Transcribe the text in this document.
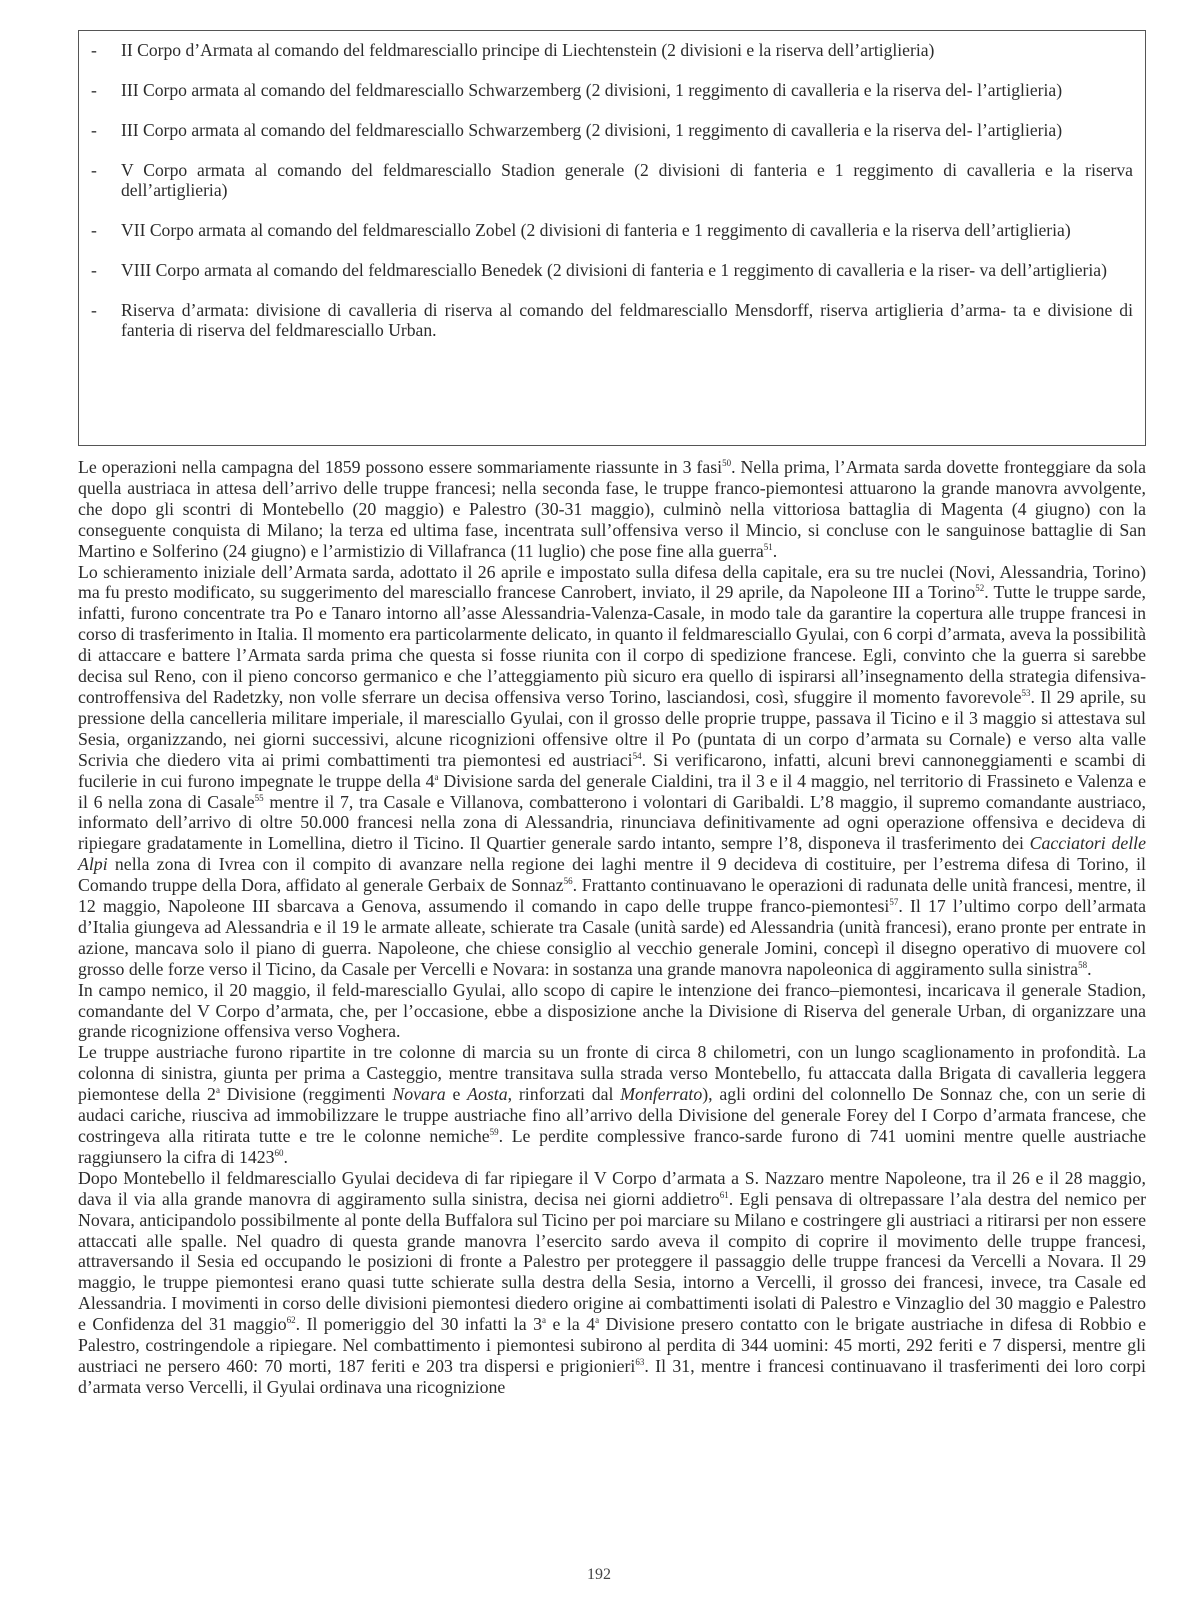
- II Corpo d’Armata al comando del feldmaresciallo principe di Liechtenstein (2 divisioni e la riserva dell’artiglieria)
- III Corpo armata al comando del feldmaresciallo Schwarzemberg (2 divisioni, 1 reggimento di cavalleria e la riserva del- l’artiglieria)
- III Corpo armata al comando del feldmaresciallo Schwarzemberg (2 divisioni, 1 reggimento di cavalleria e la riserva del- l’artiglieria)
- V Corpo armata al comando del feldmaresciallo Stadion generale (2 divisioni di fanteria e 1 reggimento di cavalleria e la riserva dell’artiglieria)
- VII Corpo armata al comando del feldmaresciallo Zobel (2 divisioni di fanteria e 1 reggimento di cavalleria e la riserva dell’artiglieria)
- VIII Corpo armata al comando del feldmaresciallo Benedek (2 divisioni di fanteria e 1 reggimento di cavalleria e la riser- va dell’artiglieria)
- Riserva d’armata: divisione di cavalleria di riserva al comando del feldmaresciallo Mensdorff, riserva artiglieria d’arma- ta e divisione di fanteria di riserva del feldmaresciallo Urban.

Le operazioni nella campagna del 1859 possono essere sommariamente riassunte in 3 fasi$^{50}$. Nella prima, l’Armata sarda dovette fronteggiare da sola quella austriaca in attesa dell’arrivo delle truppe francesi; nella seconda fase, le truppe franco-piemontesi attuarono la grande manovra avvolgente, che dopo gli scontri di Montebello (20 maggio) e Palestro (30-31 maggio), culminò nella vittoriosa battaglia di Magenta (4 giugno) con la conseguente conquista di Milano; la terza ed ultima fase, incentrata sull’offensiva verso il Mincio, si concluse con le sanguinose battaglie di San Martino e Solferino (24 giugno) e l’armistizio di Villafranca (11 luglio) che pose fine alla guerra$^{51}$.

Lo schieramento iniziale dell’Armata sarda, adottato il 26 aprile e impostato sulla difesa della capitale, era su tre nuclei (Novi, Alessandria, Torino) ma fu presto modificato, su suggerimento del maresciallo francese Canrobert, inviato, il 29 aprile, da Napoleone III a Torino$^{52}$. Tutte le truppe sarde, infatti, furono concentrate tra Po e Tanaro intorno all’asse Alessandria-Valenza-Casale, in modo tale da garantire la copertura alle truppe francesi in corso di trasferimento in Italia. Il momento era particolarmente delicato, in quanto il feldmaresciallo Gyulai, con 6 corpi d’armata, aveva la possibilità di attaccare e battere l’Armata sarda prima che questa si fosse riunita con il corpo di spedizione francese. Egli, convinto che la guerra si sarebbe decisa sul Reno, con il pieno concorso germanico e che l’atteggiamento più sicuro era quello di ispirarsi all’insegnamento della strategia difensiva-controffensiva del Radetzky, non volle sferrare un decisa offensiva verso Torino, lasciandosi, così, sfuggire il momento favorevole$^{53}$. Il 29 aprile, su pressione della cancelleria militare imperiale, il maresciallo Gyulai, con il grosso delle proprie truppe, passava il Ticino e il 3 maggio si attestava sul Sesia, organizzando, nei giorni successivi, alcune ricognizioni offensive oltre il Po (puntata di un corpo d’armata su Cornale) e verso alta valle Scrivia che diedero vita ai primi combattimenti tra piemontesi ed austriaci$^{54}$. Si verificarono, infatti, alcuni brevi cannoneggiamenti e scambi di fucilerie in cui furono impegnate le truppe della 4$^a$ Divisione sarda del generale Cialdini, tra il 3 e il 4 maggio, nel territorio di Frassineto e Valenza e il 6 nella zona di Casale$^{55}$ mentre il 7, tra Casale e Villanova, combatterono i volontari di Garibaldi. L’8 maggio, il supremo comandante austriaco, informato dell’arrivo di oltre 50.000 francesi nella zona di Alessandria, rinunciava definitivamente ad ogni operazione offensiva e decideva di ripiegare gradatamente in Lomellina, dietro il Ticino. Il Quartier generale sardo intanto, sempre l’8, disponeva il trasferimento dei Cacciatori delle Alpi nella zona di Ivrea con il compito di avanzare nella regione dei laghi mentre il 9 decideva di costituire, per l’estrema difesa di Torino, il Comando truppe della Dora, affidato al generale Gerbaix de Sonnaz$^{56}$. Frattanto continuavano le operazioni di radunata delle unità francesi, mentre, il 12 maggio, Napoleone III sbarcava a Genova, assumendo il comando in capo delle truppe franco-piemontesi$^{57}$. Il 17 l’ultimo corpo dell’armata d’Italia giungeva ad Alessandria e il 19 le armate alleate, schierate tra Casale (unità sarde) ed Alessandria (unità francesi), erano pronte per entrate in azione, mancava solo il piano di guerra. Napoleone, che chiese consiglio al vecchio generale Jomini, concepì il disegno operativo di muovere col grosso delle forze verso il Ticino, da Casale per Vercelli e Novara: in sostanza una grande manovra napoleonica di aggiramento sulla sinistra$^{58}$.

In campo nemico, il 20 maggio, il feld-maresciallo Gyulai, allo scopo di capire le intenzione dei franco–piemontesi, incaricava il generale Stadion, comandante del V Corpo d’armata, che, per l’occasione, ebbe a disposizione anche la Divisione di Riserva del generale Urban, di organizzare una grande ricognizione offensiva verso Voghera.

Le truppe austriache furono ripartite in tre colonne di marcia su un fronte di circa 8 chilometri, con un lungo scaglionamento in profondità. La colonna di sinistra, giunta per prima a Casteggio, mentre transitava sulla strada verso Montebello, fu attaccata dalla Brigata di cavalleria leggera piemontese della 2$^a$ Divisione (reggimenti Novara e Aosta, rinforzati dal Monferrato), agli ordini del colonnello De Sonnaz che, con un serie di audaci cariche, riusciva ad immobilizzare le truppe austriache fino all’arrivo della Divisione del generale Forey del I Corpo d’armata francese, che costringeva alla ritirata tutte e tre le colonne nemiche$^{59}$. Le perdite complessive franco-sarde furono di 741 uomini mentre quelle austriache raggiunsero la cifra di 1423$^{60}$.

Dopo Montebello il feldmaresciallo Gyulai decideva di far ripiegare il V Corpo d’armata a S. Nazzaro mentre Napoleone, tra il 26 e il 28 maggio, dava il via alla grande manovra di aggiramento sulla sinistra, decisa nei giorni addietro$^{61}$. Egli pensava di oltrepassare l’ala destra del nemico per Novara, anticipandolo possibilmente al ponte della Buffalora sul Ticino per poi marciare su Milano e costringere gli austriaci a ritirarsi per non essere attaccati alle spalle. Nel quadro di questa grande manovra l’esercito sardo aveva il compito di coprire il movimento delle truppe francesi, attraversando il Sesia ed occupando le posizioni di fronte a Palestro per proteggere il passaggio delle truppe francesi da Vercelli a Novara. Il 29 maggio, le truppe piemontesi erano quasi tutte schierate sulla destra della Sesia, intorno a Vercelli, il grosso dei francesi, invece, tra Casale ed Alessandria. I movimenti in corso delle divisioni piemontesi diedero origine ai combattimenti isolati di Palestro e Vinzaglio del 30 maggio e Palestro e Confidenza del 31 maggio$^{62}$. Il pomeriggio del 30 infatti la 3$^a$ e la 4$^a$ Divisione presero contatto con le brigate austriache in difesa di Robbio e Palestro, costringendole a ripiegare. Nel combattimento i piemontesi subirono al perdita di 344 uomini: 45 morti, 292 feriti e 7 dispersi, mentre gli austriaci ne persero 460: 70 morti, 187 feriti e 203 tra dispersi e prigionieri$^{63}$. Il 31, mentre i francesi continuavano il trasferimenti dei loro corpi d’armata verso Vercelli, il Gyulai ordinava una ricognizione

192
